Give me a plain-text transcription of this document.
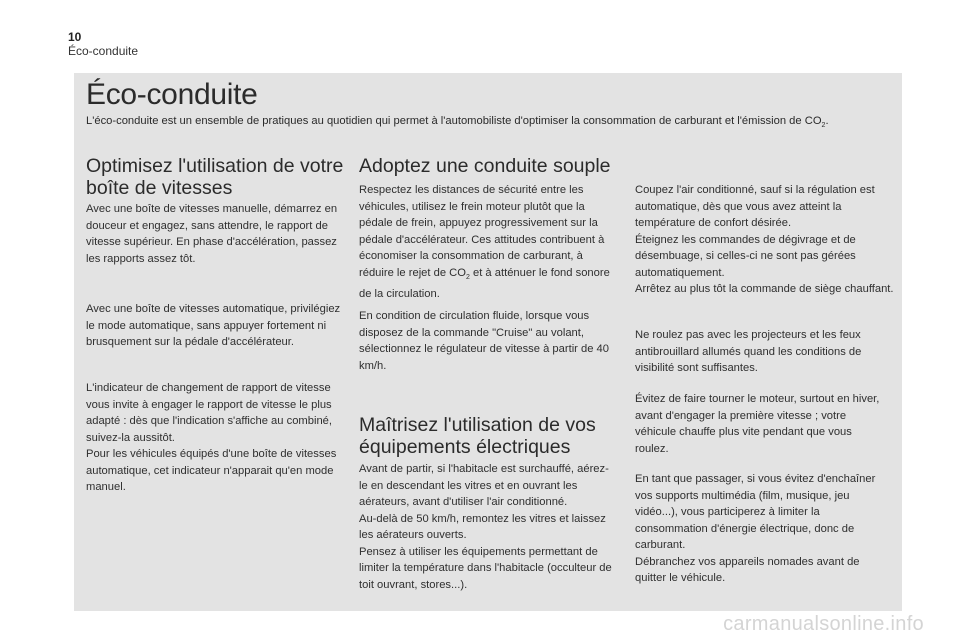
10
Éco-conduite
Éco-conduite
L'éco-conduite est un ensemble de pratiques au quotidien qui permet à l'automobiliste d'optimiser la consommation de carburant et l'émission de $CO_2$.
Optimisez l'utilisation de votre boîte de vitesses
Avec une boîte de vitesses manuelle, démarrez en douceur et engagez, sans attendre, le rapport de vitesse supérieur. En phase d'accélération, passez les rapports assez tôt.
Avec une boîte de vitesses automatique, privilégiez le mode automatique, sans appuyer fortement ni brusquement sur la pédale d'accélérateur.
L'indicateur de changement de rapport de vitesse vous invite à engager le rapport de vitesse le plus adapté : dès que l'indication s'affiche au combiné, suivez-la aussitôt.
Pour les véhicules équipés d'une boîte de vitesses automatique, cet indicateur n'apparait qu'en mode manuel.
Adoptez une conduite souple
Respectez les distances de sécurité entre les véhicules, utilisez le frein moteur plutôt que la pédale de frein, appuyez progressivement sur la pédale d'accélérateur. Ces attitudes contribuent à économiser la consommation de carburant, à réduire le rejet de $CO_2$ et à atténuer le fond sonore de la circulation.
En condition de circulation fluide, lorsque vous disposez de la commande "Cruise" au volant, sélectionnez le régulateur de vitesse à partir de 40 km/h.
Maîtrisez l'utilisation de vos équipements électriques
Avant de partir, si l'habitacle est surchauffé, aérez-le en descendant les vitres et en ouvrant les aérateurs, avant d'utiliser l'air conditionné.
Au-delà de 50 km/h, remontez les vitres et laissez les aérateurs ouverts.
Pensez à utiliser les équipements permettant de limiter la température dans l'habitacle (occulteur de toit ouvrant, stores...).
Coupez l'air conditionné, sauf si la régulation est automatique, dès que vous avez atteint la température de confort désirée.
Éteignez les commandes de dégivrage et de désembuage, si celles-ci ne sont pas gérées automatiquement.
Arrêtez au plus tôt la commande de siège chauffant.
Ne roulez pas avec les projecteurs et les feux antibrouillard allumés quand les conditions de visibilité sont suffisantes.
Évitez de faire tourner le moteur, surtout en hiver, avant d'engager la première vitesse ; votre véhicule chauffe plus vite pendant que vous roulez.
En tant que passager, si vous évitez d'enchaîner vos supports multimédia (film, musique, jeu vidéo...), vous participerez à limiter la consommation d'énergie électrique, donc de carburant.
Débranchez vos appareils nomades avant de quitter le véhicule.
carmanualsonline.info
